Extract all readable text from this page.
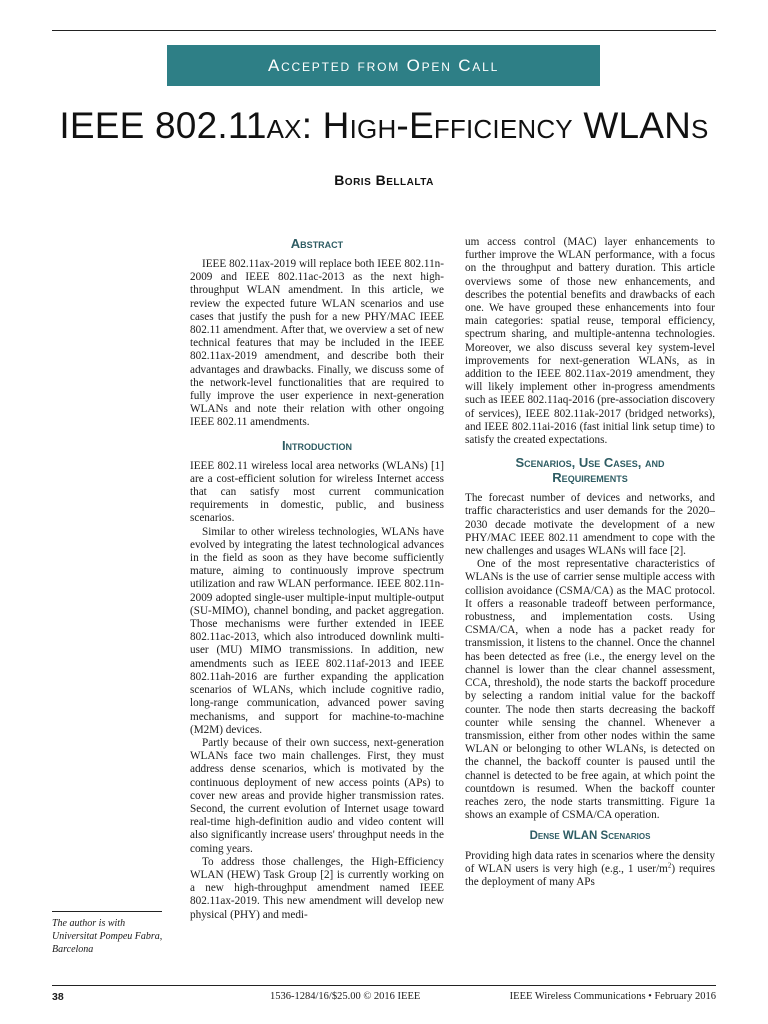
Accepted from Open Call
IEEE 802.11ax: High-Efficiency WLANs
Boris Bellalta
Abstract

IEEE 802.11ax-2019 will replace both IEEE 802.11n-2009 and IEEE 802.11ac-2013 as the next high-throughput WLAN amendment. In this article, we review the expected future WLAN scenarios and use cases that justify the push for a new PHY/MAC IEEE 802.11 amendment. After that, we overview a set of new technical features that may be included in the IEEE 802.11ax-2019 amendment, and describe both their advantages and drawbacks. Finally, we discuss some of the network-level functionalities that are required to fully improve the user experience in next-generation WLANs and note their relation with other ongoing IEEE 802.11 amendments.

Introduction

IEEE 802.11 wireless local area networks (WLANs) [1] are a cost-efficient solution for wireless Internet access that can satisfy most current communication requirements in domestic, public, and business scenarios.

Similar to other wireless technologies, WLANs have evolved by integrating the latest technological advances in the field as soon as they have become sufficiently mature, aiming to continuously improve spectrum utilization and raw WLAN performance. IEEE 802.11n-2009 adopted single-user multiple-input multiple-output (SU-MIMO), channel bonding, and packet aggregation. Those mechanisms were further extended in IEEE 802.11ac-2013, which also introduced downlink multi-user (MU) MIMO transmissions. In addition, new amendments such as IEEE 802.11af-2013 and IEEE 802.11ah-2016 are further expanding the application scenarios of WLANs, which include cognitive radio, long-range communication, advanced power saving mechanisms, and support for machine-to-machine (M2M) devices.

Partly because of their own success, next-generation WLANs face two main challenges. First, they must address dense scenarios, which is motivated by the continuous deployment of new access points (APs) to cover new areas and provide higher transmission rates. Second, the current evolution of Internet usage toward real-time high-definition audio and video content will also significantly increase users' throughput needs in the coming years.

To address those challenges, the High-Efficiency WLAN (HEW) Task Group [2] is currently working on a new high-throughput amendment named IEEE 802.11ax-2019. This new amendment will develop new physical (PHY) and medi-

um access control (MAC) layer enhancements to further improve the WLAN performance, with a focus on the throughput and battery duration. This article overviews some of those new enhancements, and describes the potential benefits and drawbacks of each one. We have grouped these enhancements into four main categories: spatial reuse, temporal efficiency, spectrum sharing, and multiple-antenna technologies. Moreover, we also discuss several key system-level improvements for next-generation WLANs, as in addition to the IEEE 802.11ax-2019 amendment, they will likely implement other in-progress amendments such as IEEE 802.11aq-2016 (pre-association discovery of services), IEEE 802.11ak-2017 (bridged networks), and IEEE 802.11ai-2016 (fast initial link setup time) to satisfy the created expectations.

Scenarios, Use Cases, and
Requirements

The forecast number of devices and networks, and traffic characteristics and user demands for the 2020–2030 decade motivate the development of a new PHY/MAC IEEE 802.11 amendment to cope with the new challenges and usages WLANs will face [2].

One of the most representative characteristics of WLANs is the use of carrier sense multiple access with collision avoidance (CSMA/CA) as the MAC protocol. It offers a reasonable tradeoff between performance, robustness, and implementation costs. Using CSMA/CA, when a node has a packet ready for transmission, it listens to the channel. Once the channel has been detected as free (i.e., the energy level on the channel is lower than the clear channel assessment, CCA, threshold), the node starts the backoff procedure by selecting a random initial value for the backoff counter. The node then starts decreasing the backoff counter while sensing the channel. Whenever a transmission, either from other nodes within the same WLAN or belonging to other WLANs, is detected on the channel, the backoff counter is paused until the channel is detected to be free again, at which point the countdown is resumed. When the backoff counter reaches zero, the node starts transmitting. Figure 1a shows an example of CSMA/CA operation.

Dense WLAN Scenarios

Providing high data rates in scenarios where the density of WLAN users is very high (e.g., 1 user/$m^2$) requires the deployment of many APs

The author is with Universitat Pompeu Fabra, Barcelona
38	1536-1284/16/$25.00 © 2016 IEEE	IEEE Wireless Communications • February 2016
